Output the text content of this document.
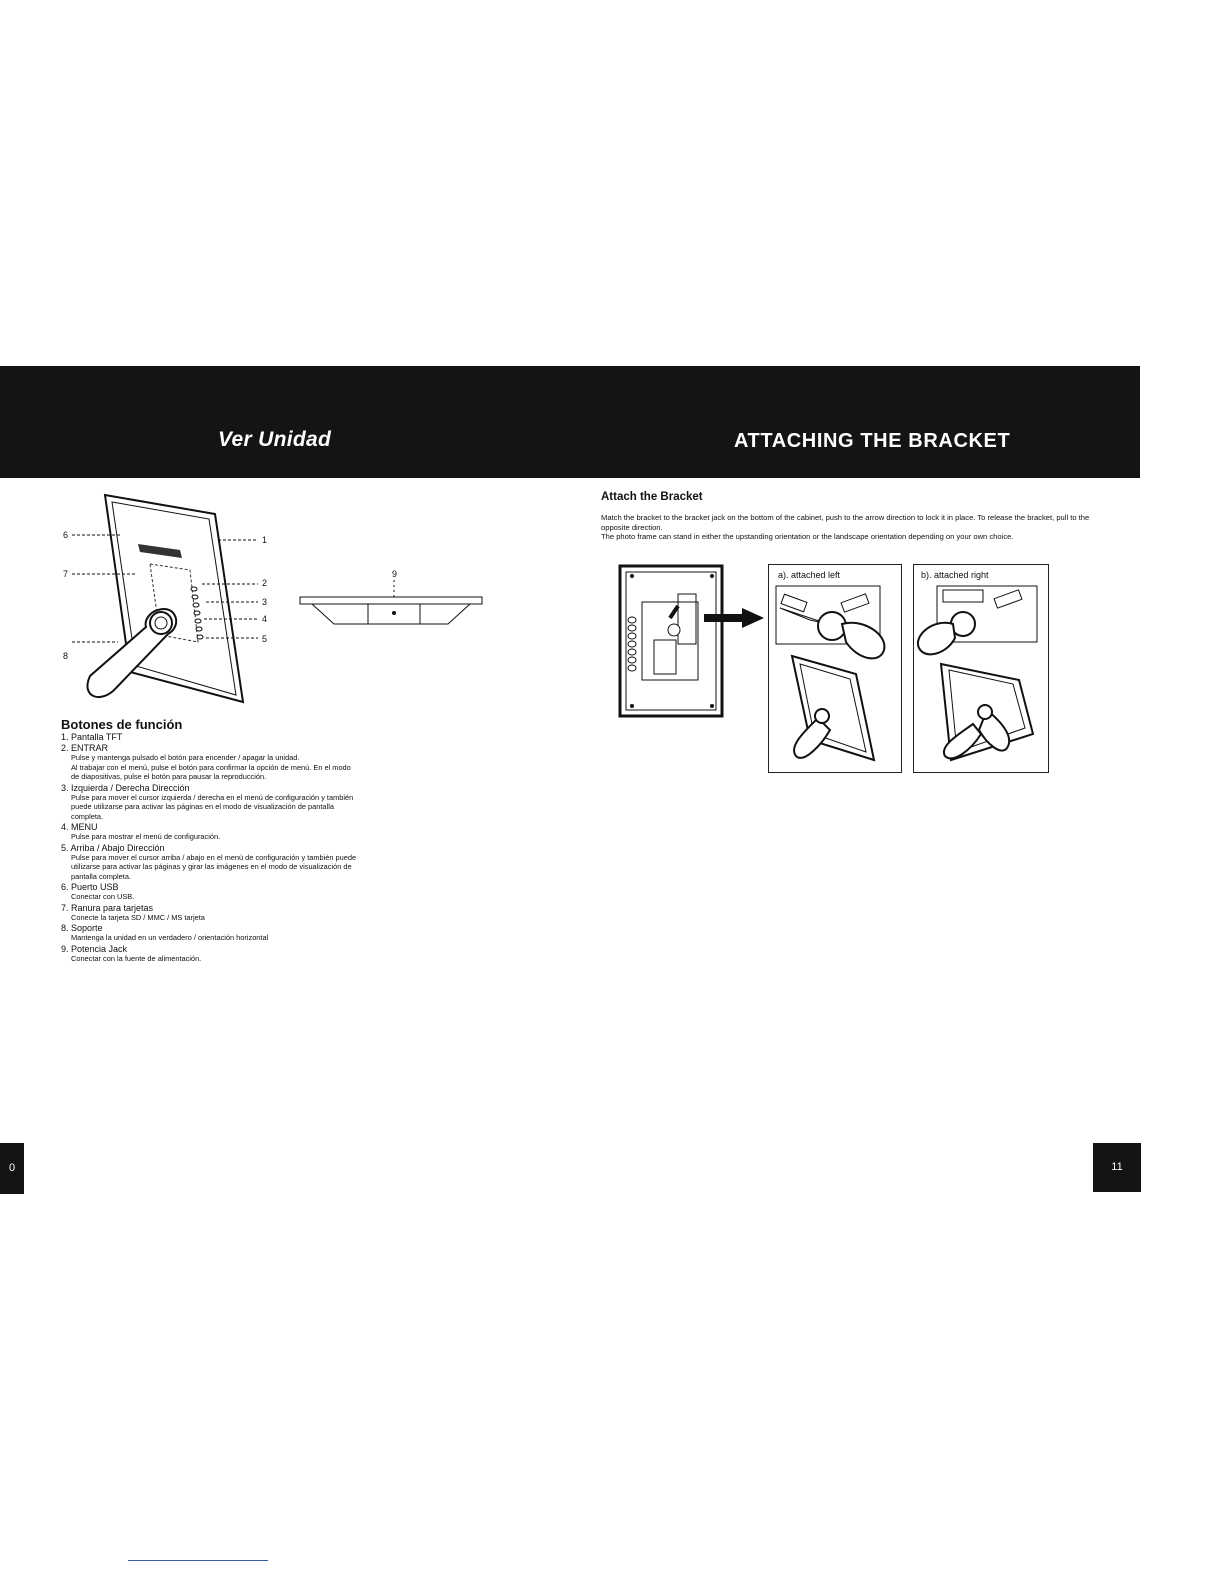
Ver Unidad	ATTACHING THE BRACKET
6
7
8
1
2
3
4
5
9
Botones de función
1. Pantalla TFT
2. ENTRAR
Pulse y mantenga pulsado el botón para encender / apagar la unidad.
Al trabajar con el menú, pulse el botón para confirmar la opción de menú. En el modo de diapositivas, pulse el botón para pausar la reproducción.
3. Izquierda / Derecha Dirección
Pulse para mover el cursor izquierda / derecha en el menú de configuración y también puede utilizarse para activar las páginas en el modo de visualización de pantalla completa.
4. MENU
Pulse para mostrar el menú de configuración.
5. Arriba / Abajo Dirección
Pulse para mover el cursor arriba / abajo en el menú de configuración y también puede utilizarse para activar las páginas y girar las imágenes en el modo de visualización de pantalla completa.
6. Puerto USB
Conectar con USB.
7. Ranura para tarjetas
Conecte la tarjeta SD / MMC / MS tarjeta
8. Soporte
Mantenga la unidad en un verdadero / orientación horizontal
9. Potencia Jack
Conectar con la fuente de alimentación.
Attach the Bracket
Match the bracket to the bracket jack on the bottom of the cabinet, push to the arrow direction to lock it in place. To release the bracket, pull to the opposite direction.
The photo frame can stand in either the upstanding orientation or the landscape orientation depending on your own choice.
a). attached left	b). attached right
0	11
